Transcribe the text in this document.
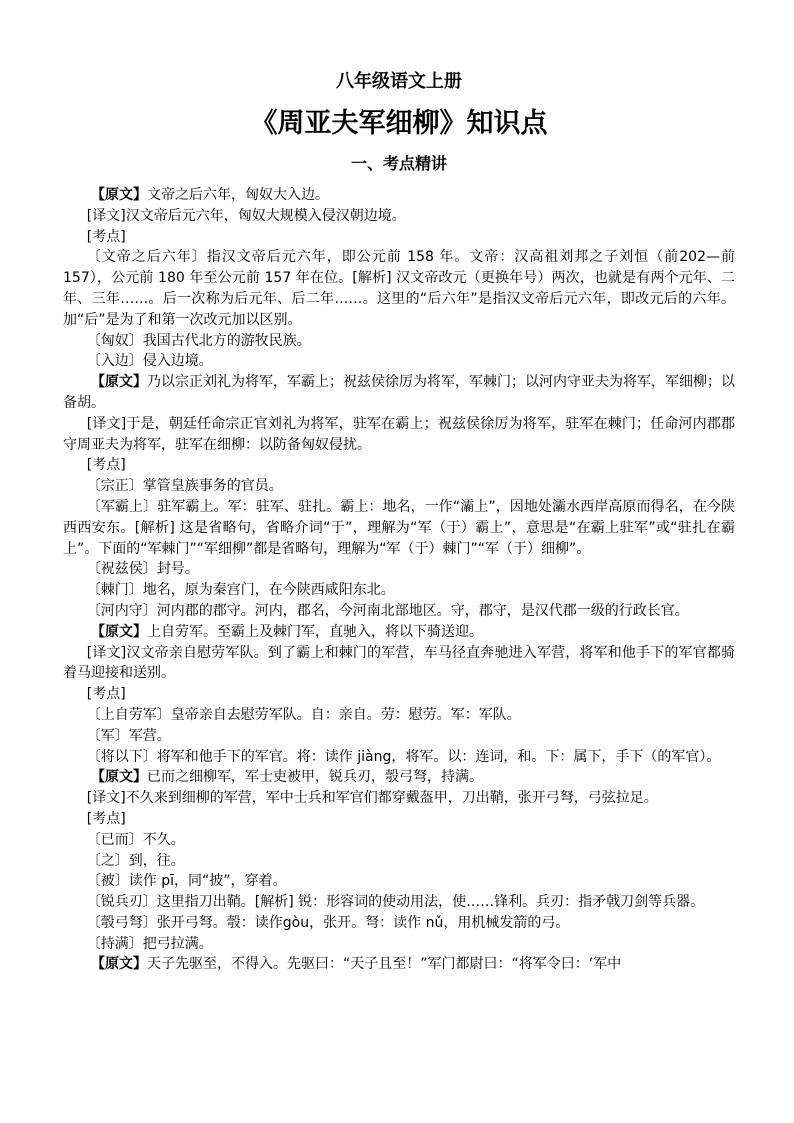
八年级语文上册
《周亚夫军细柳》知识点
一、考点精讲

【原文】文帝之后六年，匈奴大入边。

[译文]汉文帝后元六年，匈奴大规模入侵汉朝边境。

[考点]

〔文帝之后六年〕指汉文帝后元六年，即公元前 158 年。文帝：汉高祖刘邦之子刘恒（前202—前 157），公元前 180 年至公元前 157 年在位。[解析] 汉文帝改元（更换年号）两次，也就是有两个元年、二年、三年……。后一次称为后元年、后二年……。这里的“后六年”是指汉文帝后元六年，即改元后的六年。加“后”是为了和第一次改元加以区别。

〔匈奴〕我国古代北方的游牧民族。

〔入边〕侵入边境。

【原文】乃以宗正刘礼为将军，军霸上；祝兹侯徐厉为将军，军棘门；以河内守亚夫为将军，军细柳；以备胡。

[译文]于是，朝廷任命宗正官刘礼为将军，驻军在霸上；祝兹侯徐厉为将军，驻军在棘门；任命河内郡郡守周亚夫为将军，驻军在细柳：以防备匈奴侵扰。

[考点]

〔宗正〕掌管皇族事务的官员。

〔军霸上〕驻军霸上。军：驻军、驻扎。霸上：地名，一作“灞上”，因地处灞水西岸高原而得名，在今陕西西安东。[解析] 这是省略句，省略介词“于”，理解为“军（于）霸上”，意思是“在霸上驻军”或“驻扎在霸上”。下面的“军棘门”“军细柳”都是省略句，理解为“军（于）棘门”“军（于）细柳”。

〔祝兹侯〕封号。

〔棘门〕地名，原为秦宫门，在今陕西咸阳东北。

〔河内守〕河内郡的郡守。河内，郡名，今河南北部地区。守，郡守，是汉代郡一级的行政长官。

【原文】上自劳军。至霸上及棘门军，直驰入，将以下骑送迎。

[译文]汉文帝亲自慰劳军队。到了霸上和棘门的军营，车马径直奔驰进入军营，将军和他手下的军官都骑着马迎接和送别。

[考点]

〔上自劳军〕皇帝亲自去慰劳军队。自：亲自。劳：慰劳。军：军队。

〔军〕军营。

〔将以下〕将军和他手下的军官。将：读作 jiàng，将军。以：连词，和。下：属下，手下（的军官）。

【原文】已而之细柳军，军士吏被甲，锐兵刃，彀弓弩，持满。

[译文]不久来到细柳的军营，军中士兵和军官们都穿戴盔甲，刀出鞘，张开弓弩，弓弦拉足。

[考点]

〔已而〕不久。

〔之〕到，往。

〔被〕读作 pī，同“披”，穿着。

〔锐兵刃〕这里指刀出鞘。[解析] 锐：形容词的使动用法，使……锋利。兵刃：指矛戟刀剑等兵器。

〔彀弓弩〕张开弓弩。彀：读作gòu，张开。弩：读作 nǔ，用机械发箭的弓。

〔持满〕把弓拉满。

【原文】天子先驱至，不得入。先驱曰：“天子且至！”军门都尉曰：“将军令曰：‘军中
